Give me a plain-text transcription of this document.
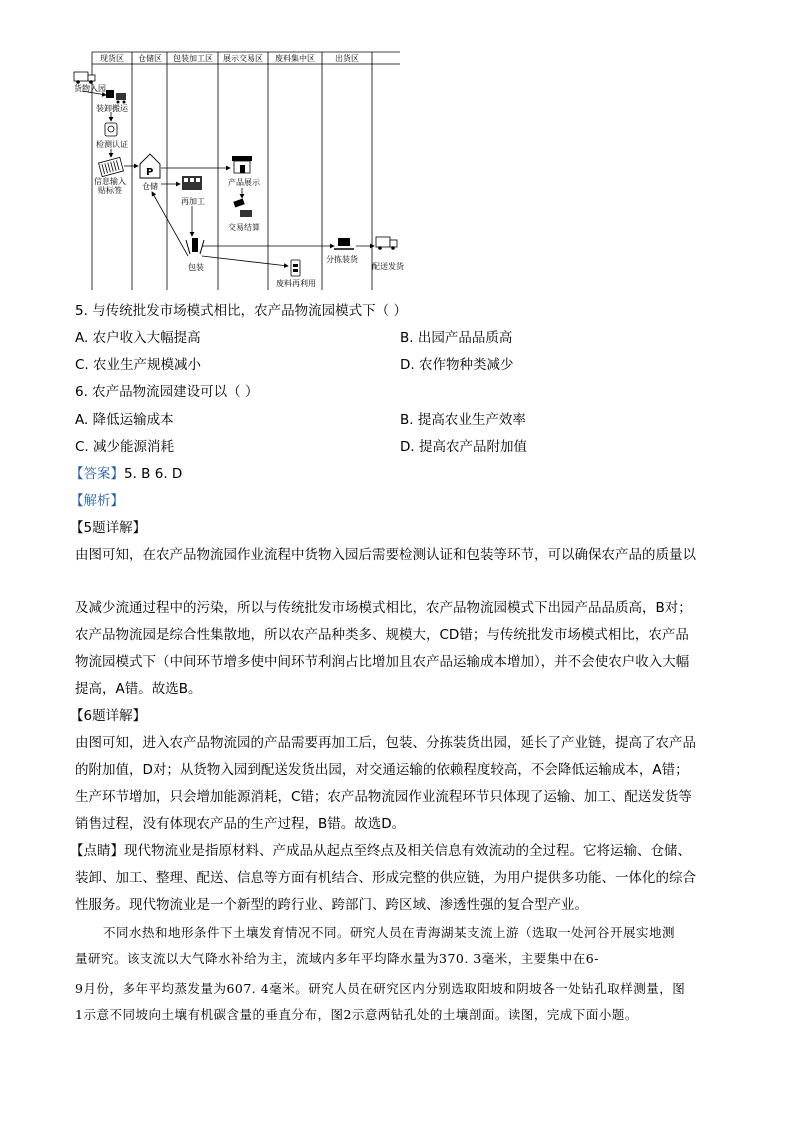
现货区 仓储区 包装加工区 展示交易区 废料集中区	出货区
货物入园
装卸搬运
检测认证
信息输入
贴标签
P
仓储
再加工
包装
产品展示
交易结算
废料再利用
分拣装货
配送发货
5. 与传统批发市场模式相比，农产品物流园模式下（ ）
A. 农户收入大幅提高	B. 出园产品品质高
C. 农业生产规模减小	D. 农作物种类减少
6. 农产品物流园建设可以（ ）
A. 降低运输成本	B. 提高农业生产效率
C. 减少能源消耗	D. 提高农产品附加值
【答案】5. B 6. D
【解析】
【5题详解】
由图可知，在农产品物流园作业流程中货物入园后需要检测认证和包装等环节，可以确保农产品的质量以
及减少流通过程中的污染，所以与传统批发市场模式相比，农产品物流园模式下出园产品品质高，B对；
农产品物流园是综合性集散地，所以农产品种类多、规模大，CD错；与传统批发市场模式相比，农产品
物流园模式下（中间环节增多使中间环节利润占比增加且农产品运输成本增加），并不会使农户收入大幅
提高，A错。故选B。
【6题详解】
由图可知，进入农产品物流园的产品需要再加工后，包装、分拣装货出园，延长了产业链，提高了农产品
的附加值，D对；从货物入园到配送发货出园，对交通运输的依赖程度较高，不会降低运输成本，A错；
生产环节增加，只会增加能源消耗，C错；农产品物流园作业流程环节只体现了运输、加工、配送发货等
销售过程，没有体现农产品的生产过程，B错。故选D。
【点睛】现代物流业是指原材料、产成品从起点至终点及相关信息有效流动的全过程。它将运输、仓储、
装卸、加工、整理、配送、信息等方面有机结合、形成完整的供应链，为用户提供多功能、一体化的综合
性服务。现代物流业是一个新型的跨行业、跨部门、跨区域、渗透性强的复合型产业。
不同水热和地形条件下土壤发育情况不同。研究人员在青海湖某支流上游（选取一处河谷开展实地测
量研究。该支流以大气降水补给为主，流域内多年平均降水量为370. 3毫米，主要集中在6-
9月份，多年平均蒸发量为607. 4毫米。研究人员在研究区内分别选取阳坡和阴坡各一处钻孔取样测量，图
1示意不同坡向土壤有机碳含量的垂直分布，图2示意两钻孔处的土壤剖面。读图，完成下面小题。
